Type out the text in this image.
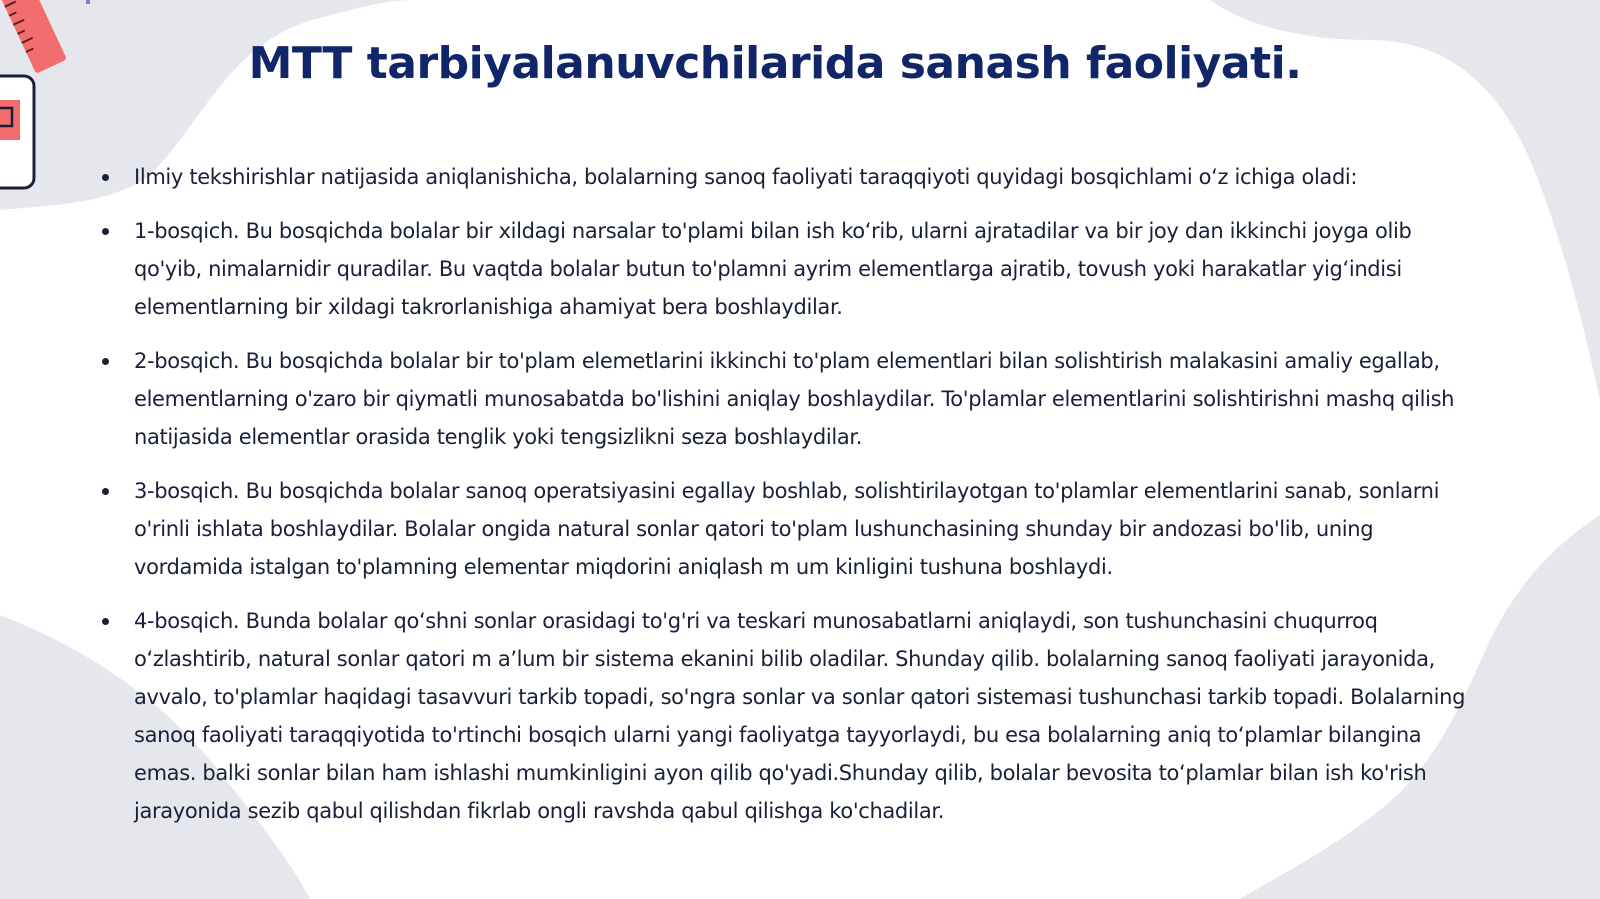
MTT tarbiyalanuvchilarida sanash faoliyati.
Ilmiy tekshirishlar natijasida aniqlanishicha, bolalarning sanoq faoliyati taraqqiyoti quyidagi bosqichlami oʻz ichiga oladi:
1-bosqich. Bu bosqichda bolalar bir xildagi narsalar to'plami bilan ish koʻrib, ularni ajratadilar va bir joy dan ikkinchi joyga olib qo'yib, nimalarnidir quradilar. Bu vaqtda bolalar butun to'plamni ayrim elementlarga ajratib, tovush yoki harakatlar yigʻindisi elementlarning bir xildagi takrorlanishiga ahamiyat bera boshlaydilar.
2-bosqich. Bu bosqichda bolalar bir to'plam elemetlarini ikkinchi to'plam elementlari bilan solishtirish malakasini amaliy egallab, elementlarning o'zaro bir qiymatli munosabatda bo'lishini aniqlay boshlaydilar. To'plamlar elementlarini solishtirishni mashq qilish natijasida elementlar orasida tenglik yoki tengsizlikni seza boshlaydilar.
3-bosqich. Bu bosqichda bolalar sanoq operatsiyasini egallay boshlab, solishtirilayotgan to'plamlar elementlarini sanab, sonlarni o'rinli ishlata boshlaydilar. Bolalar ongida natural sonlar qatori to'plam lushunchasining shunday bir andozasi bo'lib, uning vordamida istalgan to'plamning elementar miqdorini aniqlash m um kinligini tushuna boshlaydi.
4-bosqich. Bunda bolalar qoʻshni sonlar orasidagi to'g'ri va teskari munosabatlarni aniqlaydi, son tushunchasini chuqurroq oʻzlashtirib, natural sonlar qatori m aʼlum bir sistema ekanini bilib oladilar. Shunday qilib. bolalarning sanoq faoliyati jarayonida, avvalo, to'plamlar haqidagi tasavvuri tarkib topadi, so'ngra sonlar va sonlar qatori sistemasi tushunchasi tarkib topadi. Bolalarning sanoq faoliyati taraqqiyotida to'rtinchi bosqich ularni yangi faoliyatga tayyorlaydi, bu esa bolalarning aniq toʻplamlar bilangina emas. balki sonlar bilan ham ishlashi mumkinligini ayon qilib qo'yadi.Shunday qilib, bolalar bevosita toʻplamlar bilan ish ko'rish jarayonida sezib qabul qilishdan fikrlab ongli ravshda qabul qilishga ko'chadilar.
